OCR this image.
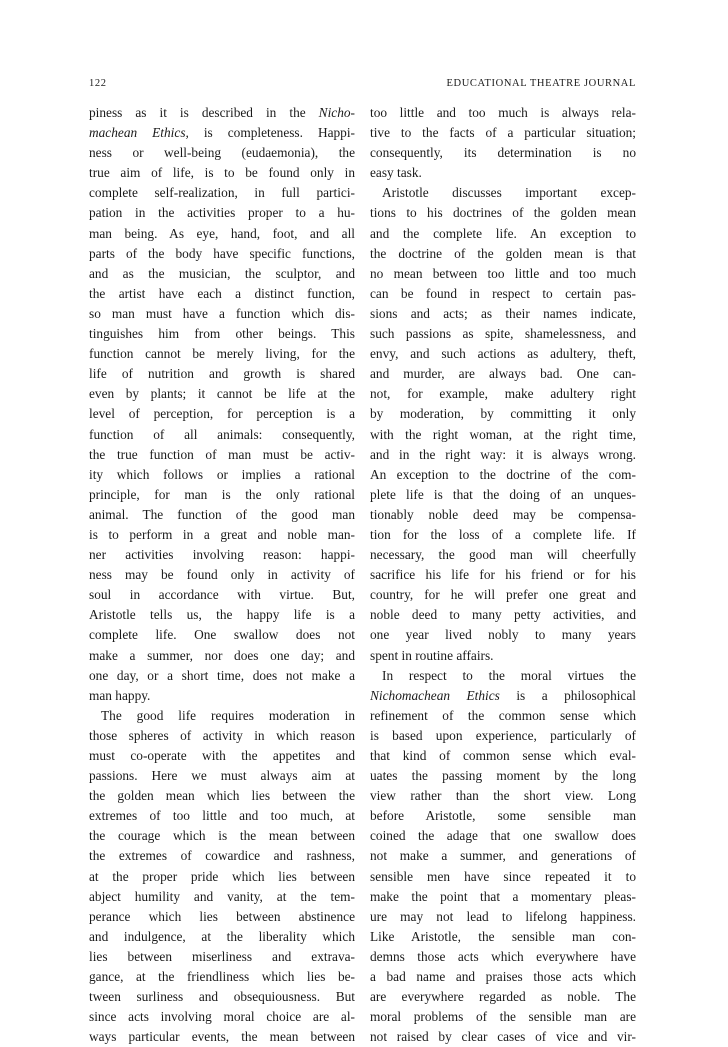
122	EDUCATIONAL THEATRE JOURNAL
piness as it is described in the Nicho-
machean Ethics, is completeness. Happi-
ness or well-being (eudaemonia), the
true aim of life, is to be found only in
complete self-realization, in full partici-
pation in the activities proper to a hu-
man being. As eye, hand, foot, and all
parts of the body have specific functions,
and as the musician, the sculptor, and
the artist have each a distinct function,
so man must have a function which dis-
tinguishes him from other beings. This
function cannot be merely living, for the
life of nutrition and growth is shared
even by plants; it cannot be life at the
level of perception, for perception is a
function of all animals: consequently,
the true function of man must be activ-
ity which follows or implies a rational
principle, for man is the only rational
animal. The function of the good man
is to perform in a great and noble man-
ner activities involving reason: happi-
ness may be found only in activity of
soul in accordance with virtue. But,
Aristotle tells us, the happy life is a
complete life. One swallow does not
make a summer, nor does one day; and
one day, or a short time, does not make a
man happy.
The good life requires moderation in
those spheres of activity in which reason
must co-operate with the appetites and
passions. Here we must always aim at
the golden mean which lies between the
extremes of too little and too much, at
the courage which is the mean between
the extremes of cowardice and rashness,
at the proper pride which lies between
abject humility and vanity, at the tem-
perance which lies between abstinence
and indulgence, at the liberality which
lies between miserliness and extrava-
gance, at the friendliness which lies be-
tween surliness and obsequiousness. But
since acts involving moral choice are al-
ways particular events, the mean between
too little and too much is always rela-
tive to the facts of a particular situation;
consequently, its determination is no
easy task.
Aristotle discusses important excep-
tions to his doctrines of the golden mean
and the complete life. An exception to
the doctrine of the golden mean is that
no mean between too little and too much
can be found in respect to certain pas-
sions and acts; as their names indicate,
such passions as spite, shamelessness, and
envy, and such actions as adultery, theft,
and murder, are always bad. One can-
not, for example, make adultery right
by moderation, by committing it only
with the right woman, at the right time,
and in the right way: it is always wrong.
An exception to the doctrine of the com-
plete life is that the doing of an unques-
tionably noble deed may be compensa-
tion for the loss of a complete life. If
necessary, the good man will cheerfully
sacrifice his life for his friend or for his
country, for he will prefer one great and
noble deed to many petty activities, and
one year lived nobly to many years
spent in routine affairs.
In respect to the moral virtues the
Nichomachean Ethics is a philosophical
refinement of the common sense which
is based upon experience, particularly of
that kind of common sense which eval-
uates the passing moment by the long
view rather than the short view. Long
before Aristotle, some sensible man
coined the adage that one swallow does
not make a summer, and generations of
sensible men have since repeated it to
make the point that a momentary pleas-
ure may not lead to lifelong happiness.
Like Aristotle, the sensible man con-
demns those acts which everywhere have
a bad name and praises those acts which
are everywhere regarded as noble. The
moral problems of the sensible man are
not raised by clear cases of vice and vir-
